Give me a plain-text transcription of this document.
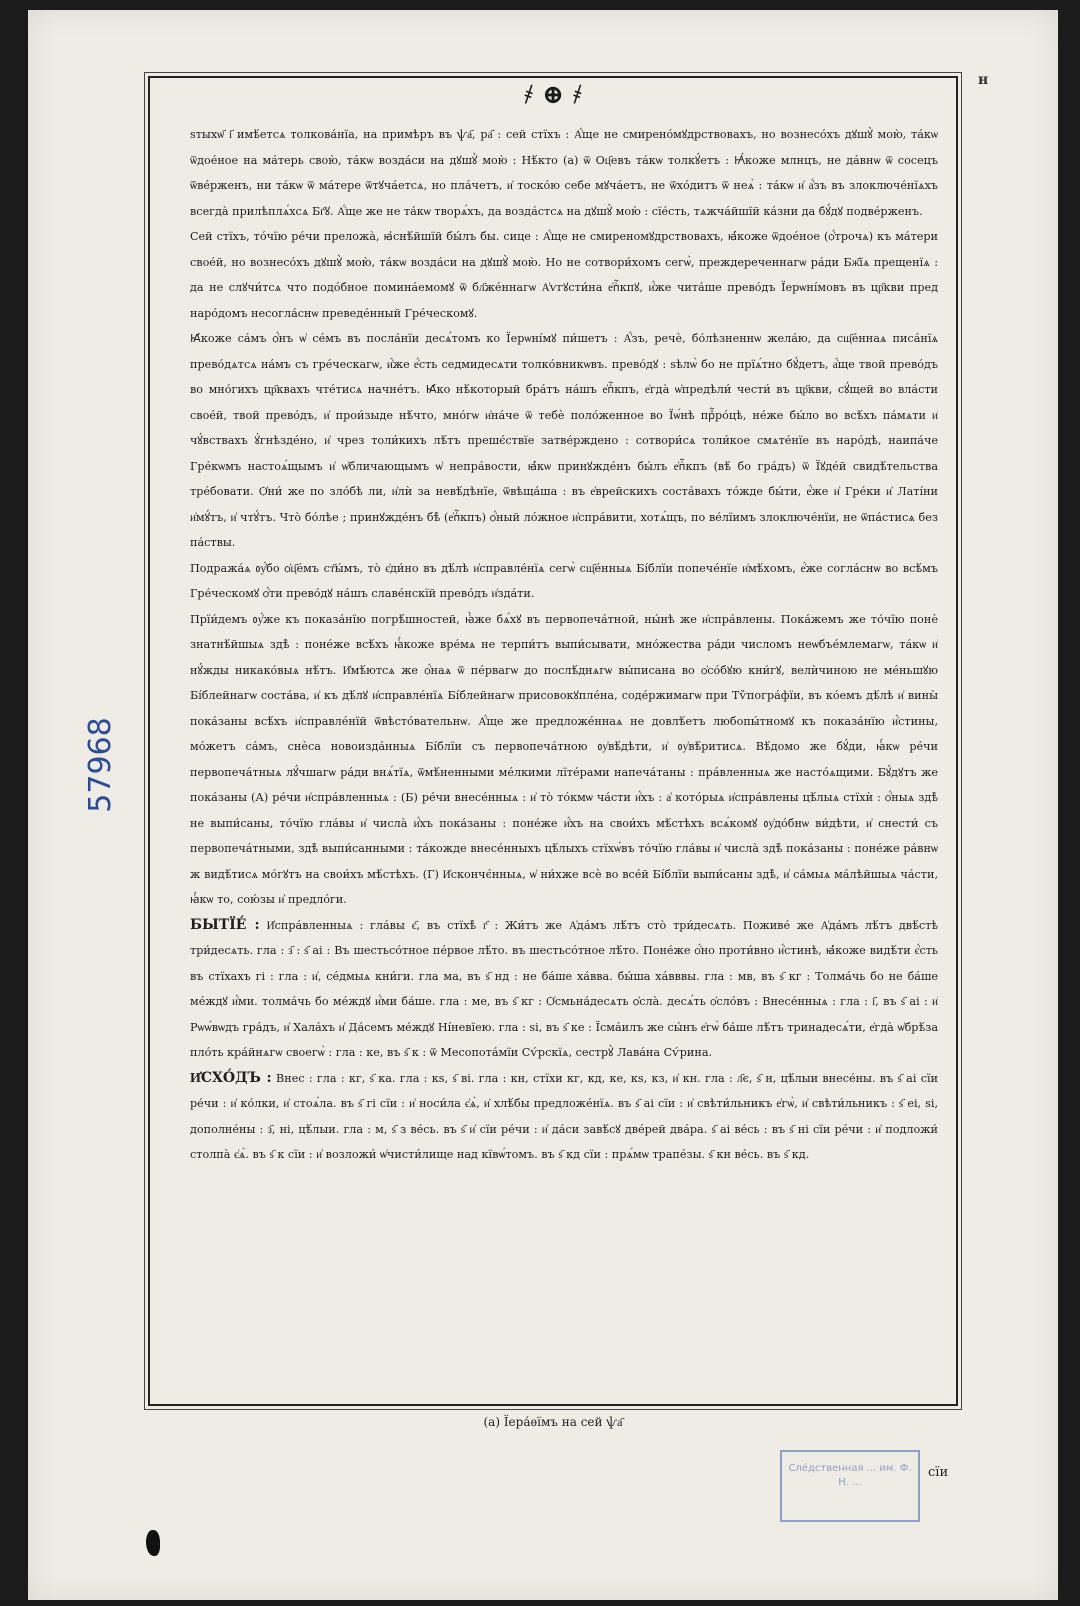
н
҂ ⊕ ҂

ѕтыхѡ҃ і҃ имѣ́етсѧ толкова́нїа, на примѣръ въ ѱа҃, ра҃ : сей стїхъ : А҆́ще не смирено́мꙋдрствовахъ, но вознесо́хъ дꙋшꙋ̀ мою̀, та́кѡ ѿдое́ное на ма́терь свою̀, та́кѡ возда́си на дꙋшꙋ̀ мою̀ : Нѣ́кто (а) ѿ Оц҃евъ та́кѡ толкꙋ́етъ : Ꙗ҆́коже млнцъ, не да́внѡ ѿ сосецъ ѿве́рженъ, ни та́кѡ ѿ ма́тере ѿтꙋча́етсѧ, но пла́четъ, и҆ тоско́ю себе мꙋча́етъ, не ѿхо́дитъ ѿ неѧ̀ : та́кѡ и҆ а҆́зъ въ злоключе́нїѧхъ всегда̀ прилѣплѧ́хсѧ Бг҃ꙋ. А҆́ще же не та́кѡ творѧ́хъ, да возда́стсѧ на дꙋшꙋ̀ мою̀ : сїе́сть, тѧжча́йшїй ка́зни да бꙋ́дꙋ подве́рженъ.

Сей стїхъ, то́чїю ре́чи преложа̀, ꙗ҆снѣ́йшїй бы́лъ бы. сице : А҆́ще не смиреномꙋдрствовахъ, ꙗ҆́коже ѿдое́ное (ѻ҆́трочѧ) къ ма́тери свое́й, но вознесо́хъ дꙋшꙋ̀ мою̀, та́кѡ возда́си на дꙋшꙋ̀ мою̀. Но не сотвори́хомъ сегѡ̀, преждереченнагѡ ра́ди Бж҃їѧ прещенїѧ : да не слꙋчи́тсѧ что подо́бное помина́емомꙋ ѿ бл҃же́ннагѡ А҆ѵгꙋсти́на е҆пⷭ҇кпꙋ, и҆́же чита́ше прево́дъ Їерѡні́мовъ въ цр҃кви пред наро́домъ несогла́снѡ преведе́нный Гре́ческомꙋ.

Ꙗ҆́коже са́мъ ѻ҆́нъ ѡ҆ се́мъ въ посла́нїи десѧ́томъ ко Їерѡні́мꙋ пи́шетъ : А҆́зъ, речѐ, бо́лѣзненнѡ жела́ю, да сщ҃е́ннаѧ писа́нїѧ прево́дѧтсѧ на́мъ съ гре́ческагѡ, и҆́же е҆́сть седмидесѧти толко́вникѡвъ. прево́дꙋ : ѕѣлѡ̀ бо не прїѧ́тно бꙋ́детъ, а҆́ще твой прево́дъ во мно́гихъ цр҃квахъ чте́тисѧ начне́тъ. Ꙗ҆́ко нѣ́который бра́тъ на́шъ е҆пⷭ҇кпъ, е҆гда̀ ѡ҆предѣли́ чести́ въ цр҃кви, сꙋ́щей во вла́сти свое́й, твой прево́дъ, и҆ прои́зыде нѣ́что, мно́гѡ и҆на́че ѿ тебѐ поло́женное во Їѡ́нѣ прⷪ҇ро́цѣ, не́же бы́ло во всѣ́хъ па́мѧти и҆ чꙋ́вствахъ ꙋ҆гнѣзде́но, и҆ чрез толи́кихъ лѣ́тъ прешє́ствїе затве́рждено : сотвори́сѧ толи́кое смѧте́нїе въ наро́дѣ, наипа́че Гре́кѡмъ настоѧ́щымъ и҆ ѡ҆бличающымъ ѡ҆ непра́вости, ꙗ҆́кѡ принꙋжде́нъ бы́лъ е҆пⷭ҇кпъ (вѣ́ бо гра́дъ) ѿ Їꙋде́й свидѣ́тельства тре́бовати. Ѻ҆ни́ же по зло́бѣ ли, и҆лѝ за невѣ́дѣнїе, ѿвѣща́ша : въ е҆врейскихъ соста́вахъ то́жде бы́ти, е҆́же и҆ Гре́ки и҆ Латі́ни и҆мꙋ́тъ, и҆ чтꙋ́тъ. Что̀ бо́лѣе ; принꙋжде́нъ бѣ̀ (е҆пⷭ҇кпъ) ѻ҆́ный ло́жное и҆спра́вити, хотѧ́щъ, по ве́лїимъ злоключе́нїи, не ѿпа́стисѧ без па́ствы.

Подража́ѧ ᲂу҆́бо ѻ҆ц҃е́мъ ст҃ы́мъ, то̀ є҆ди́но въ дѣ́лѣ и҆справле́нїѧ сегѡ̀ сщ҃е́нныѧ Бі́блїи попече́нїе и҆мѣ́хомъ, е҆́же согла́снѡ во всѣ́мъ Гре́ческомꙋ ѻ҆́ти прево́дꙋ на́шъ славе́нскїй прево́дъ и҆зда́ти.

Прїи́демъ ᲂу҆́же къ показа́нїю погрѣ́шностей, ꙗ҆̀же бѧ́хꙋ въ первопеча́тной, ны́нѣ же и҆спра́влены. Пока́жемъ же то́чїю понѐ знатнѣ́йшыѧ здѣ̀ : поне́же всѣ́хъ ꙗ҆́коже вре́мѧ не терпи́тъ выпи́сывати, мно́жества ра́ди числомъ неѡбъе́млемагѡ, та́кѡ и҆ нꙋ́жды никако́выѧ нѣ́тъ. И҆мѣ́ютсѧ же ѻ҆́наѧ ѿ пе́рвагѡ до послѣ́днѧгѡ вы́писана во ѻ҆со́бꙋю кни́гꙋ, велѝчиною не ме́ньшꙋю Бі́блейнагѡ соста́ва, и҆ къ дѣ́лꙋ и҆справле́нїѧ Бі́блейнагѡ присовокꙋпле́на, соде́ржимагѡ при Тѷпогра́фїи, въ ко́емъ дѣ́лѣ и҆ вины̀ пока́заны всѣ́хъ и҆справле́нїй ѿвѣсто́вательнѡ. А҆́ще же предложе́ннаѧ не довлѣ́етъ любопы́тномꙋ къ показа́нїю и҆́стины, мо́жетъ са́мъ, снѐса новоизда́нныѧ Бі́блїи съ первопеча́тною ᲂу҆вѣ́дѣти, и҆ ᲂу҆вѣ́ритисѧ. Вѣ́домо же бꙋ́ди, ꙗ҆́кѡ ре́чи первопеча́тныѧ лꙋ́чшагѡ ра́ди внѧ́тїѧ, ѿмѣ́ненными ме́лкими лїте́рами напеча́таны : пра́вленныѧ же насто́ѧщими. Бꙋ́дꙋтъ же пока́заны (А) ре́чи и҆спра́вленныѧ : (Б) ре́чи внесе́нныѧ : и҆ то̀ то́кмѡ ча́сти и҆́хъ : а҆ кото́рыѧ и҆спра́влены цѣ́лыѧ стїхѝ : ѻ҆́ныѧ здѣ̀ не выпи́саны, то́чїю гла́вы и҆ числа̀ и҆́хъ пока́заны : поне́же и҆́хъ на свои́хъ мѣ́стѣхъ всѧ́комꙋ ᲂу҆до́бнѡ ви́дѣти, и҆ снести́ съ первопеча́тными, здѣ̀ выпи́санными : та́кожде внесе́нныхъ цѣ́лыхъ стїхѡ́въ то́чїю гла́вы и҆ числа̀ здѣ̀ пока́заны : поне́же ра́внѡ ж видѣ́тисѧ мо́гꙋтъ на свои́хъ мѣ́стѣхъ. (Г) И҆скончє́нныѧ, ѡ҆ ни́хже всѐ во все́й Бі́блїи выпи́саны здѣ̀, и҆ са́мыѧ ма́лѣйшыѧ ча́сти, ꙗ҆́кѡ то, сою́зы и҆ предло́ги.

БЫТЇЕ́ : И҆спра́вленныѧ : гла́вы є҃, въ стїхѣ̀ г҃ : Жи́тъ же А҆да́мъ лѣ́тъ сто̀ три́десѧть. Поживе́ же А҆да́мъ лѣ́тъ двѣ́стѣ три́десѧть. гла : з҃ : ѕ҃ аі : Въ шестьсо́тное пе́рвое лѣ́то. въ шестьсо́тное лѣ́то. Поне́же ѻ҆́но проти́вно и҆́стинѣ, ꙗ҆́коже видѣ́ти є҆́сть въ стїхахъ гі : гла : и҆, се́дмыѧ кни́ги. гла ма, въ ѕ҃ нд : не ба́ше ха́вва. бы́ша ха́вввы. гла : мв, въ ѕ҃ кг : Толма́чь бо не ба́ше ме́ждꙋ и҆́ми. толма́чь бо ме́ждꙋ и҆́ми ба́ше. гла : ме, въ ѕ҃ кг : Ѻ҆смьна́десѧть ѻ҆сла̀. десѧ́ть ѻ҆сло́въ : Внесе́нныѧ : гла : і҃, въ ѕ҃ аі : и҆ Рѡѡ́вѡдъ гра́дъ, и҆ Хала́хъ и҆ Да́семъ ме́ждꙋ Ні́невїею. гла : ѕі, въ ѕ҃ ке : Їсма́илъ же сы́нъ е҆гѡ̀ ба́ше лѣ́тъ тринадесѧ́ти, е҆гда̀ ѡ҆брѣ́за пло́ть кра́йнѧгѡ своегѡ̀ : гла : ке, въ ѕ҃ к : ѿ Месопота́мїи Сѵ́рскїѧ, сестрꙋ̀ Лава́на Сѵ́рина.

И҆СХО́ДЪ : Внес : гла : кг, ѕ҃ ка. гла : кѕ, ѕ҃ ві. гла : кн, стїхи кг, кд, ке, кѕ, кз, и҆ кн. гла : л҃є, ѕ҃ н, цѣ́лыи внесе́ны. въ ѕ҃ аі сїи ре́чи : и҆ ко́лки, и҆ стоѧ́ла. въ ѕ҃ гі сїи : и҆ носи́ла є҆ѧ̀, и҆ хлѣ́бы предложе́нїѧ. въ ѕ҃ аі сїи : и҆ свѣти́льникъ е҆гѡ̀, и҆ свѣти́льникъ : ѕ҃ еі, ѕі, дополне́ны : з҃, ні, цѣ́лыи. гла : м, ѕ҃ з ве́сь. въ ѕ҃ и҆ сїи ре́чи : и҆ да́си завѣ́сꙋ две́рей два́ра. ѕ҃ аі ве́сь : въ ѕ҃ ні сїи ре́чи : и҆ подложи́ столпа̀ є҆ѧ̀. въ ѕ҃ к сїи : и҆ возложи́ ѡ҆чисти́лище над кївѡ́томъ. въ ѕ҃ кд сїи : прѧ́мѡ трапе́зы. ѕ҃ кн ве́сь. въ ѕ҃ кд.

(а) Їера́ѳїмъ на сей ѱа҃
сїи
57968
Сле́дственная ... им. Ф. Н. ...
